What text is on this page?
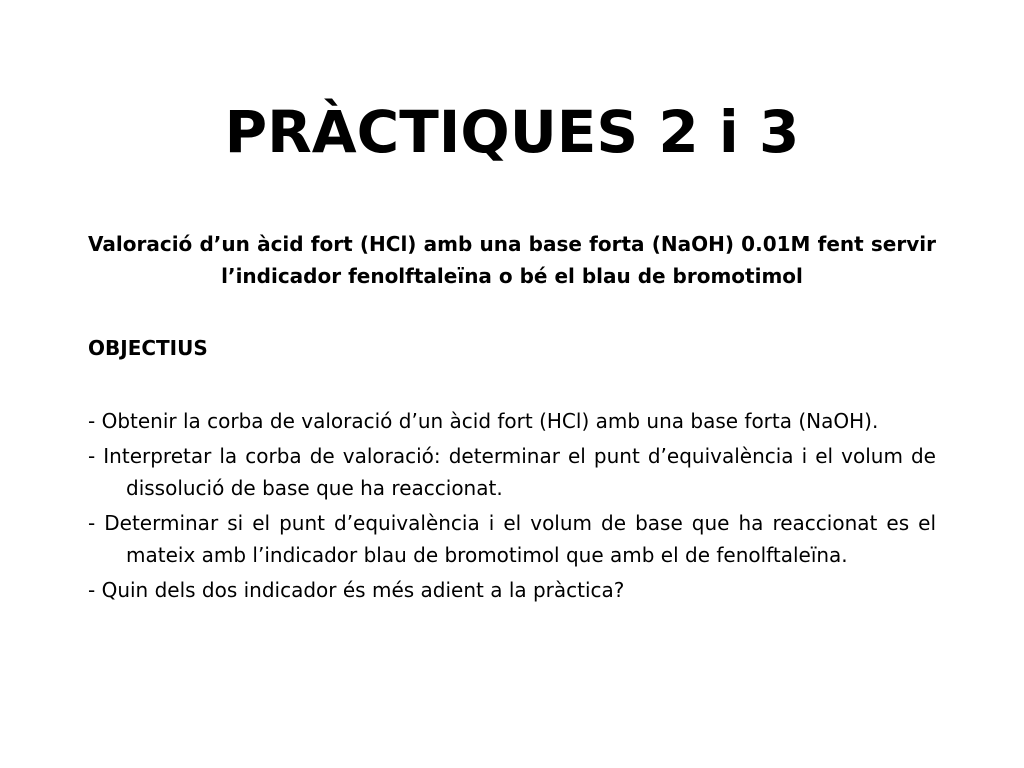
PRÀCTIQUES 2 i 3

Valoració d’un àcid fort (HCl) amb una base forta (NaOH) 0.01M fent servir l’indicador fenolftaleïna o bé el blau de bromotimol

OBJECTIUS
- Obtenir la corba de valoració d’un àcid fort (HCl) amb una base forta (NaOH).
- Interpretar la corba de valoració: determinar el punt d’equivalència i el volum de dissolució de base que ha reaccionat.
- Determinar si el punt d’equivalència i el volum de base que ha reaccionat es el mateix amb l’indicador blau de bromotimol que amb el de fenolftaleïna.
- Quin dels dos indicador és més adient a la pràctica?
